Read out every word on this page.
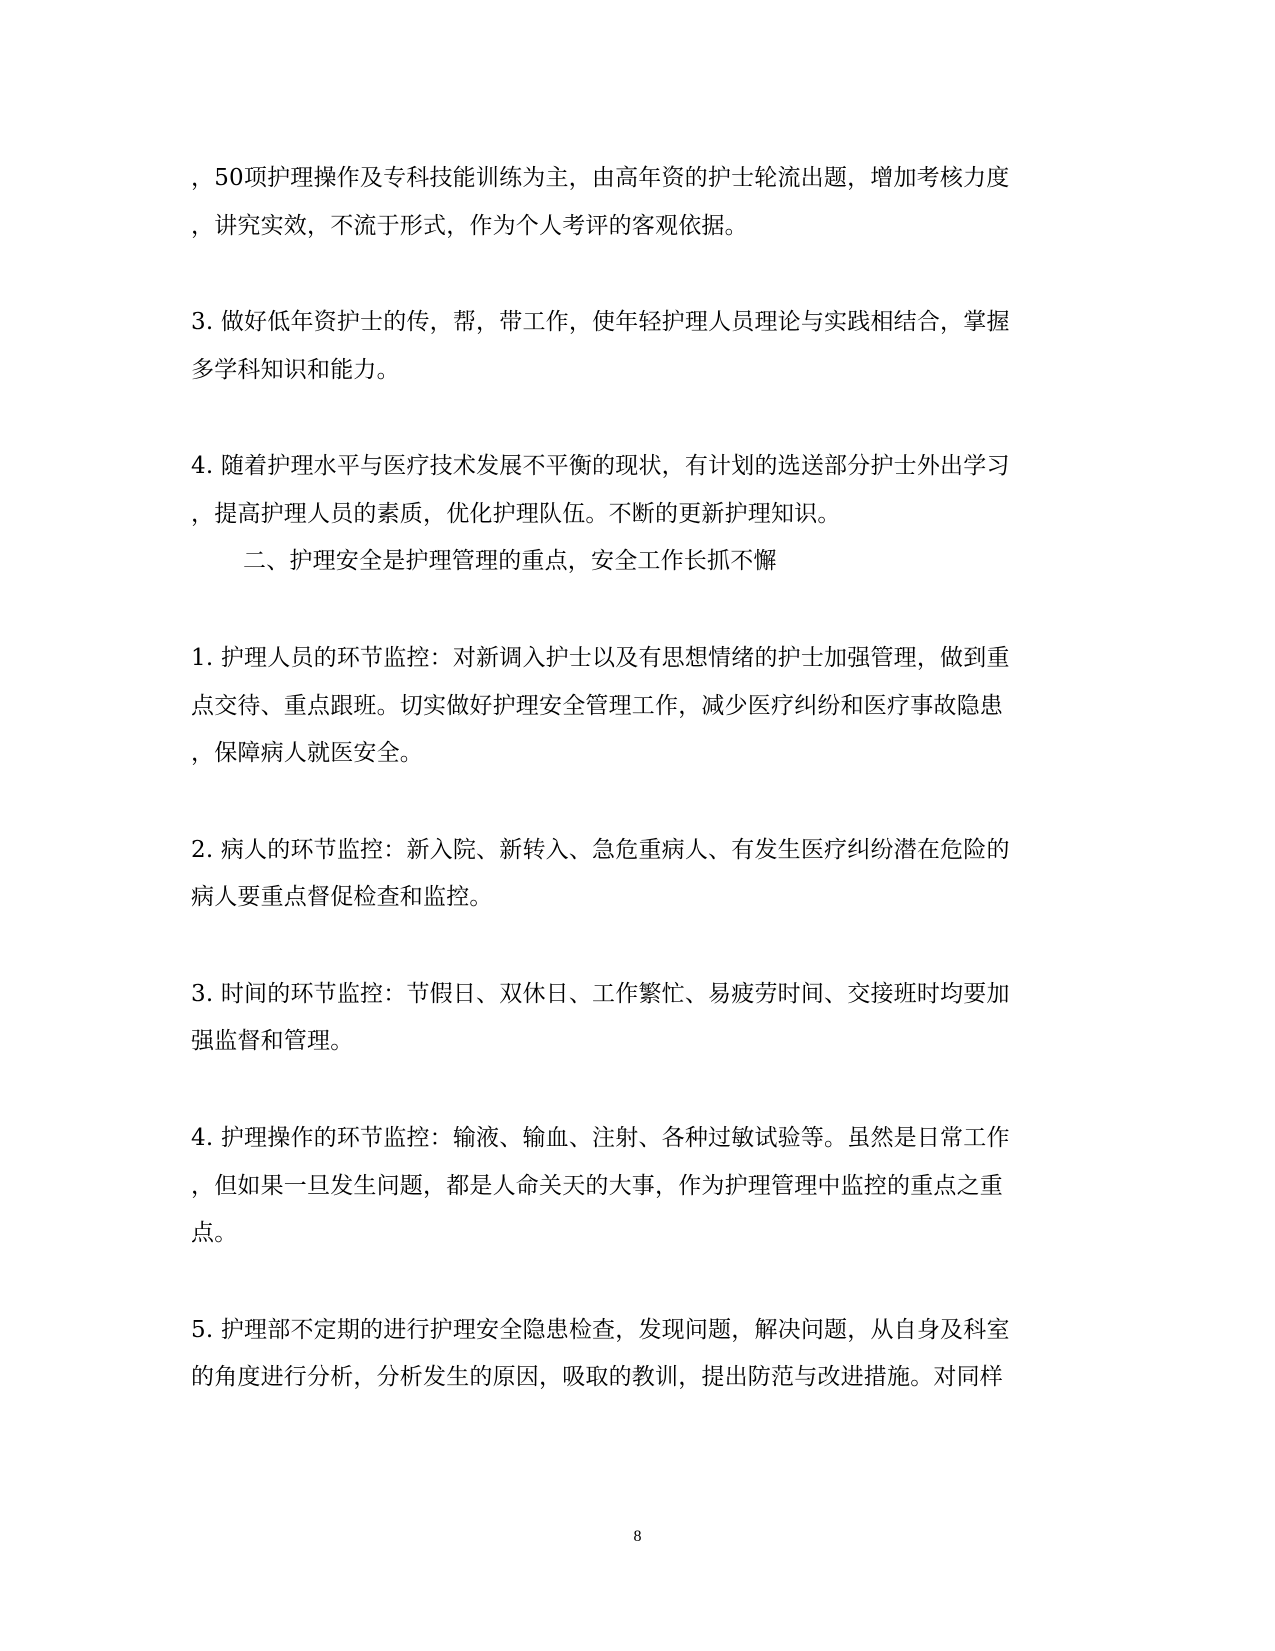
，50项护理操作及专科技能训练为主，由高年资的护士轮流出题，增加考核力度
，讲究实效，不流于形式，作为个人考评的客观依据。
3. 做好低年资护士的传，帮，带工作，使年轻护理人员理论与实践相结合，掌握
多学科知识和能力。
4. 随着护理水平与医疗技术发展不平衡的现状，有计划的选送部分护士外出学习
，提高护理人员的素质，优化护理队伍。不断的更新护理知识。
二、护理安全是护理管理的重点，安全工作长抓不懈
1. 护理人员的环节监控：对新调入护士以及有思想情绪的护士加强管理，做到重
点交待、重点跟班。切实做好护理安全管理工作，减少医疗纠纷和医疗事故隐患
，保障病人就医安全。
2. 病人的环节监控：新入院、新转入、急危重病人、有发生医疗纠纷潜在危险的
病人要重点督促检查和监控。
3. 时间的环节监控：节假日、双休日、工作繁忙、易疲劳时间、交接班时均要加
强监督和管理。
4. 护理操作的环节监控：输液、输血、注射、各种过敏试验等。虽然是日常工作
，但如果一旦发生问题，都是人命关天的大事，作为护理管理中监控的重点之重
点。
5. 护理部不定期的进行护理安全隐患检查，发现问题，解决问题，从自身及科室
的角度进行分析，分析发生的原因，吸取的教训，提出防范与改进措施。对同样
8
